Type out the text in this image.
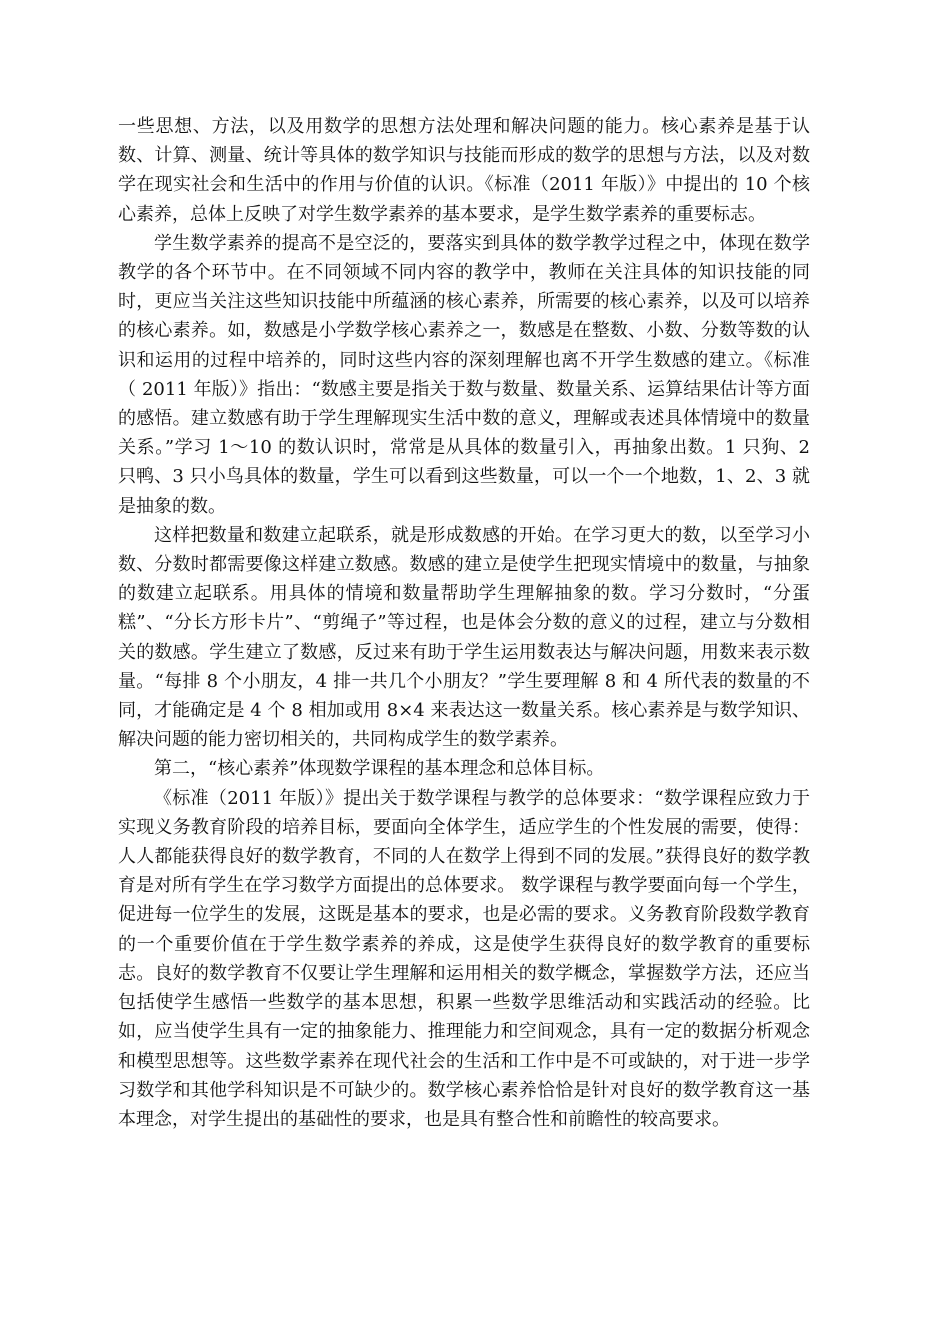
一些思想、方法，以及用数学的思想方法处理和解决问题的能力。核心素养是基于认数、计算、测量、统计等具体的数学知识与技能而形成的数学的思想与方法，以及对数学在现实社会和生活中的作用与价值的认识。《标准（2011 年版）》中提出的 10 个核心素养，总体上反映了对学生数学素养的基本要求，是学生数学素养的重要标志。

学生数学素养的提高不是空泛的，要落实到具体的数学教学过程之中，体现在数学教学的各个环节中。在不同领域不同内容的教学中，教师在关注具体的知识技能的同时，更应当关注这些知识技能中所蕴涵的核心素养，所需要的核心素养，以及可以培养的核心素养。如，数感是小学数学核心素养之一，数感是在整数、小数、分数等数的认识和运用的过程中培养的，同时这些内容的深刻理解也离不开学生数感的建立。《标准（ 2011 年版）》指出：“数感主要是指关于数与数量、数量关系、运算结果估计等方面的感悟。建立数感有助于学生理解现实生活中数的意义，理解或表述具体情境中的数量关系。”学习 1～10 的数认识时，常常是从具体的数量引入，再抽象出数。1 只狗、2 只鸭、3 只小鸟具体的数量，学生可以看到这些数量，可以一个一个地数，1、2、3 就是抽象的数。

这样把数量和数建立起联系，就是形成数感的开始。在学习更大的数，以至学习小数、分数时都需要像这样建立数感。数感的建立是使学生把现实情境中的数量，与抽象的数建立起联系。用具体的情境和数量帮助学生理解抽象的数。学习分数时，“分蛋糕”、“分长方形卡片”、“剪绳子”等过程，也是体会分数的意义的过程，建立与分数相关的数感。学生建立了数感，反过来有助于学生运用数表达与解决问题，用数来表示数量。“每排 8 个小朋友，4 排一共几个小朋友？”学生要理解 8 和 4 所代表的数量的不同，才能确定是 4 个 8 相加或用 8×4 来表达这一数量关系。核心素养是与数学知识、解决问题的能力密切相关的，共同构成学生的数学素养。

第二，“核心素养”体现数学课程的基本理念和总体目标。

《标准（2011 年版）》提出关于数学课程与教学的总体要求：“数学课程应致力于实现义务教育阶段的培养目标，要面向全体学生，适应学生的个性发展的需要，使得：人人都能获得良好的数学教育，不同的人在数学上得到不同的发展。”获得良好的数学教育是对所有学生在学习数学方面提出的总体要求。 数学课程与教学要面向每一个学生，促进每一位学生的发展，这既是基本的要求，也是必需的要求。义务教育阶段数学教育的一个重要价值在于学生数学素养的养成，这是使学生获得良好的数学教育的重要标志。良好的数学教育不仅要让学生理解和运用相关的数学概念，掌握数学方法，还应当包括使学生感悟一些数学的基本思想，积累一些数学思维活动和实践活动的经验。比如，应当使学生具有一定的抽象能力、推理能力和空间观念，具有一定的数据分析观念和模型思想等。这些数学素养在现代社会的生活和工作中是不可或缺的，对于进一步学习数学和其他学科知识是不可缺少的。数学核心素养恰恰是针对良好的数学教育这一基本理念，对学生提出的基础性的要求，也是具有整合性和前瞻性的较高要求。
